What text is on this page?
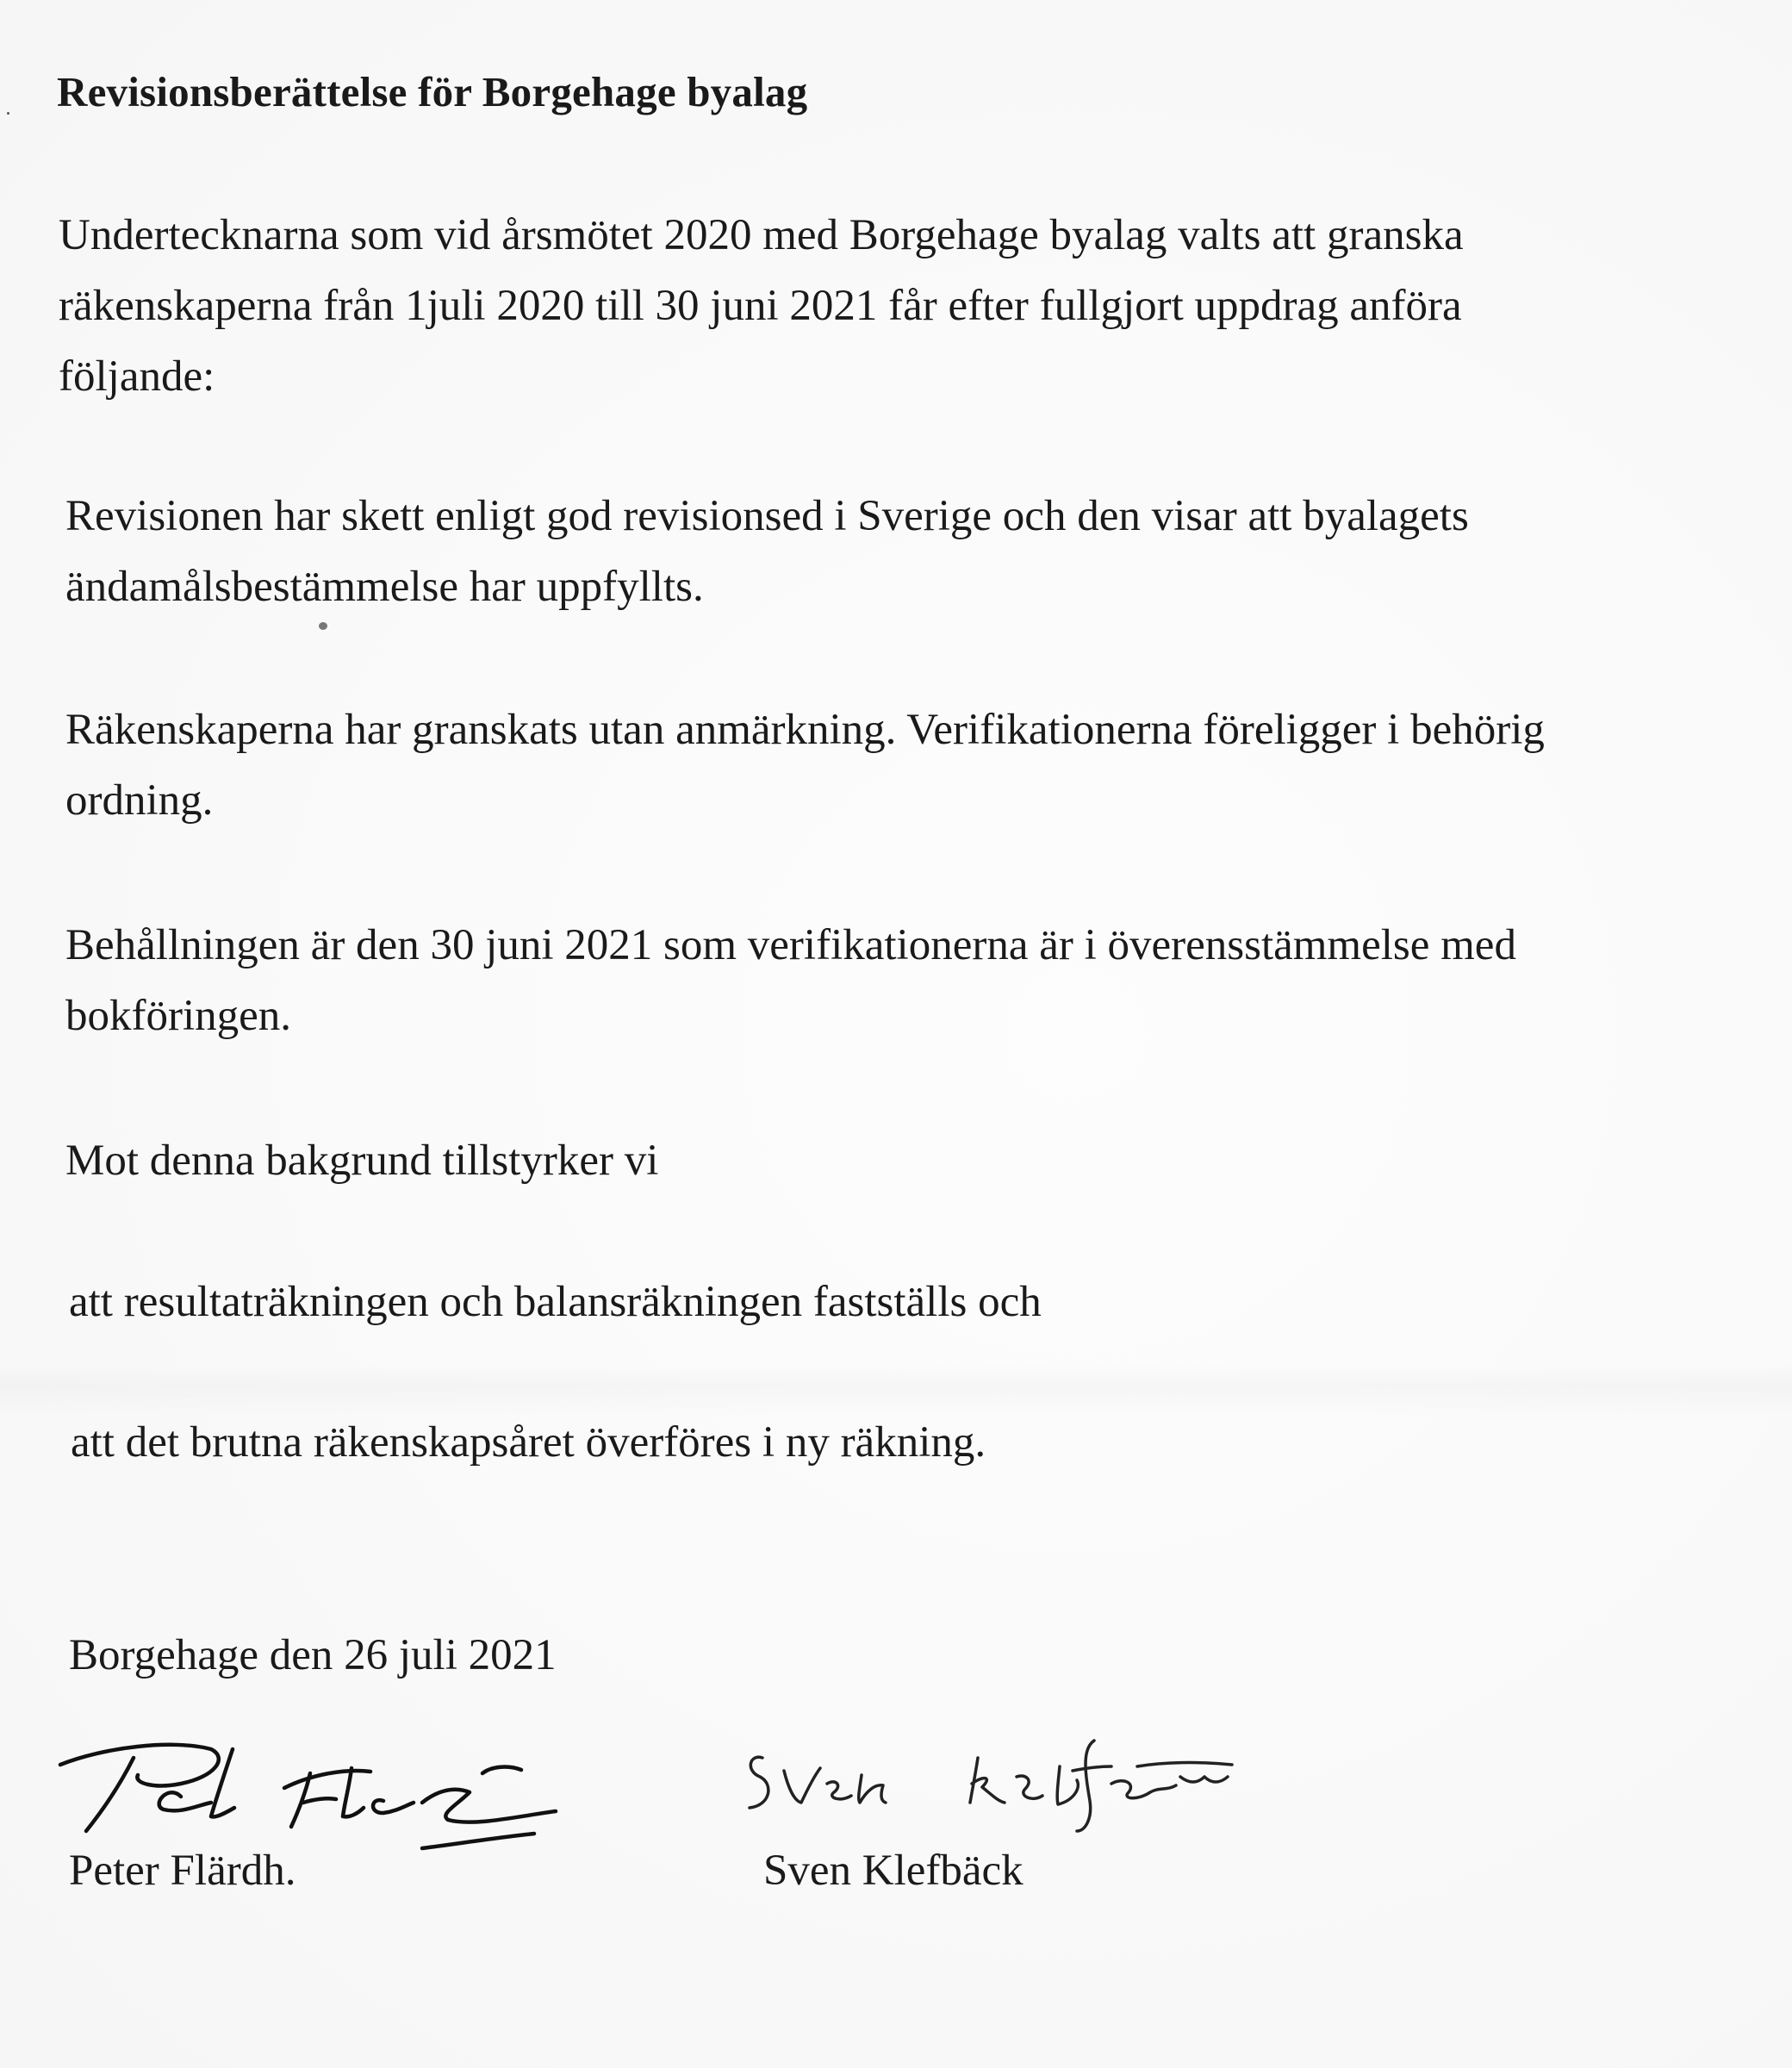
Revisionsberättelse för Borgehage byalag
Undertecknarna som vid årsmötet 2020 med Borgehage byalag valts att granska
räkenskaperna från 1juli 2020 till 30 juni 2021 får efter fullgjort uppdrag anföra
följande:
Revisionen har skett enligt god revisionsed i Sverige och den visar att byalagets
ändamålsbestämmelse har uppfyllts.
Räkenskaperna har granskats utan anmärkning. Verifikationerna föreligger i behörig
ordning.
Behållningen är den 30 juni 2021 som verifikationerna är i överensstämmelse med
bokföringen.
Mot denna bakgrund tillstyrker vi
att resultaträkningen och balansräkningen fastställs och
att det brutna räkenskapsåret överföres i ny räkning.
Borgehage den 26 juli 2021
Peter Flärdh.	Sven Klefbäck
